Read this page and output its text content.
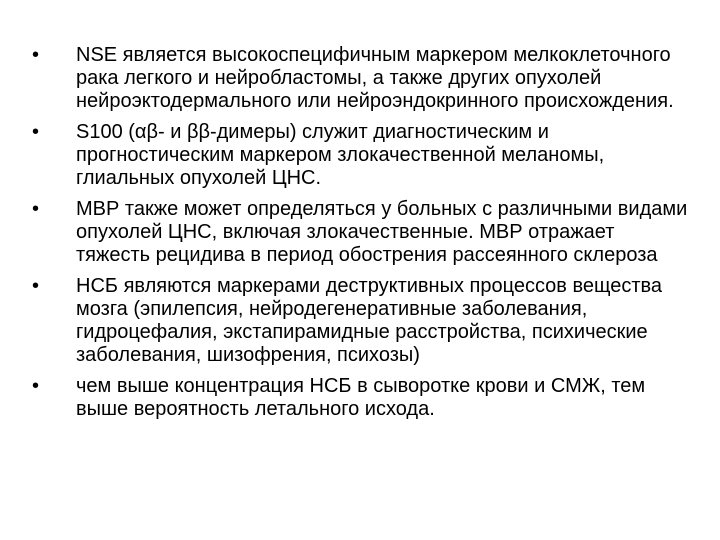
•	NSE является высокоспецифичным маркером мелкоклеточного рака легкого и нейробластомы, а также других опухолей нейроэктодермального или нейроэндокринного происхождения.
•	S100 (αβ- и ββ-димеры) служит диагностическим и прогностическим маркером злокачественной меланомы, глиальных опухолей ЦНС.
•	МВР также может определяться у больных с различными видами опухолей ЦНС, включая злокачественные. МВР отражает тяжесть рецидива в период обострения рассеянного склероза
•	НСБ являются маркерами деструктивных процессов вещества мозга (эпилепсия, нейродегенеративные заболевания, гидроцефалия, экстапирамидные расстройства, психические заболевания, шизофрения, психозы)
•	чем выше концентрация НСБ в сыворотке крови и СМЖ, тем выше вероятность летального исхода.
